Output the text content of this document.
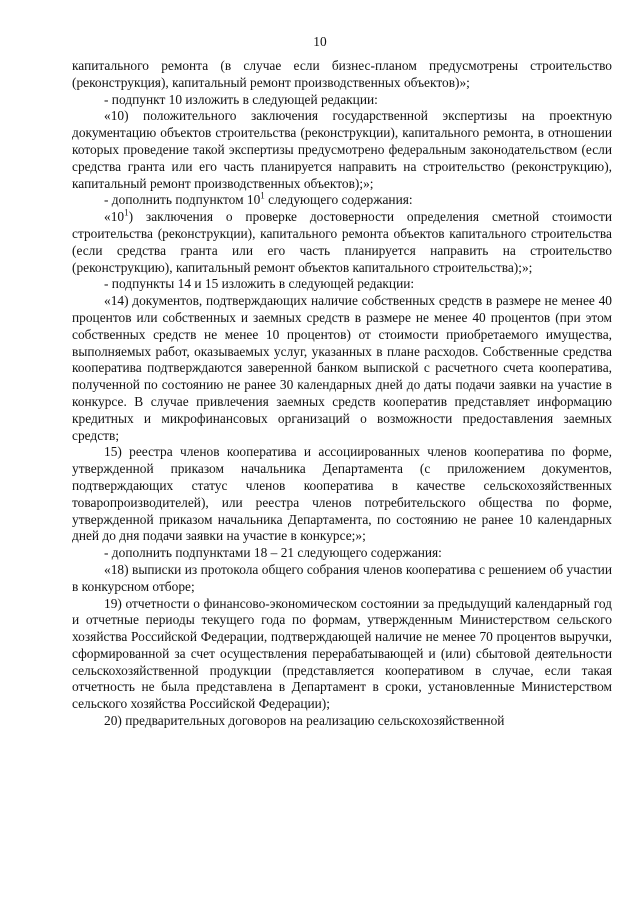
10

капитального ремонта (в случае если бизнес-планом предусмотрены строительство (реконструкция), капитальный ремонт производственных объектов)»;

- подпункт 10 изложить в следующей редакции:

«10) положительного заключения государственной экспертизы на проектную документацию объектов строительства (реконструкции), капитального ремонта, в отношении которых проведение такой экспертизы предусмотрено федеральным законодательством (если средства гранта или его часть планируется направить на строительство (реконструкцию), капитальный ремонт производственных объектов);»;

- дополнить подпунктом $10^1$ следующего содержания:

«$10^1$) заключения о проверке достоверности определения сметной стоимости строительства (реконструкции), капитального ремонта объектов капитального строительства (если средства гранта или его часть планируется направить на строительство (реконструкцию), капитальный ремонт объектов капитального строительства);»;

- подпункты 14 и 15 изложить в следующей редакции:

«14) документов, подтверждающих наличие собственных средств в размере не менее 40 процентов или собственных и заемных средств в размере не менее 40 процентов (при этом собственных средств не менее 10 процентов) от стоимости приобретаемого имущества, выполняемых работ, оказываемых услуг, указанных в плане расходов. Собственные средства кооператива подтверждаются заверенной банком выпиской с расчетного счета кооператива, полученной по состоянию не ранее 30 календарных дней до даты подачи заявки на участие в конкурсе. В случае привлечения заемных средств кооператив представляет информацию кредитных и микрофинансовых организаций о возможности предоставления заемных средств;

15) реестра членов кооператива и ассоциированных членов кооператива по форме, утвержденной приказом начальника Департамента (с приложением документов, подтверждающих статус членов кооператива в качестве сельскохозяйственных товаропроизводителей), или реестра членов потребительского общества по форме, утвержденной приказом начальника Департамента, по состоянию не ранее 10 календарных дней до дня подачи заявки на участие в конкурсе;»;

- дополнить подпунктами 18 – 21 следующего содержания:

«18) выписки из протокола общего собрания членов кооператива с решением об участии в конкурсном отборе;

19) отчетности о финансово-экономическом состоянии за предыдущий календарный год и отчетные периоды текущего года по формам, утвержденным Министерством сельского хозяйства Российской Федерации, подтверждающей наличие не менее 70 процентов выручки, сформированной за счет осуществления перерабатывающей и (или) сбытовой деятельности сельскохозяйственной продукции (представляется кооперативом в случае, если такая отчетность не была представлена в Департамент в сроки, установленные Министерством сельского хозяйства Российской Федерации);

20) предварительных договоров на реализацию сельскохозяйственной
